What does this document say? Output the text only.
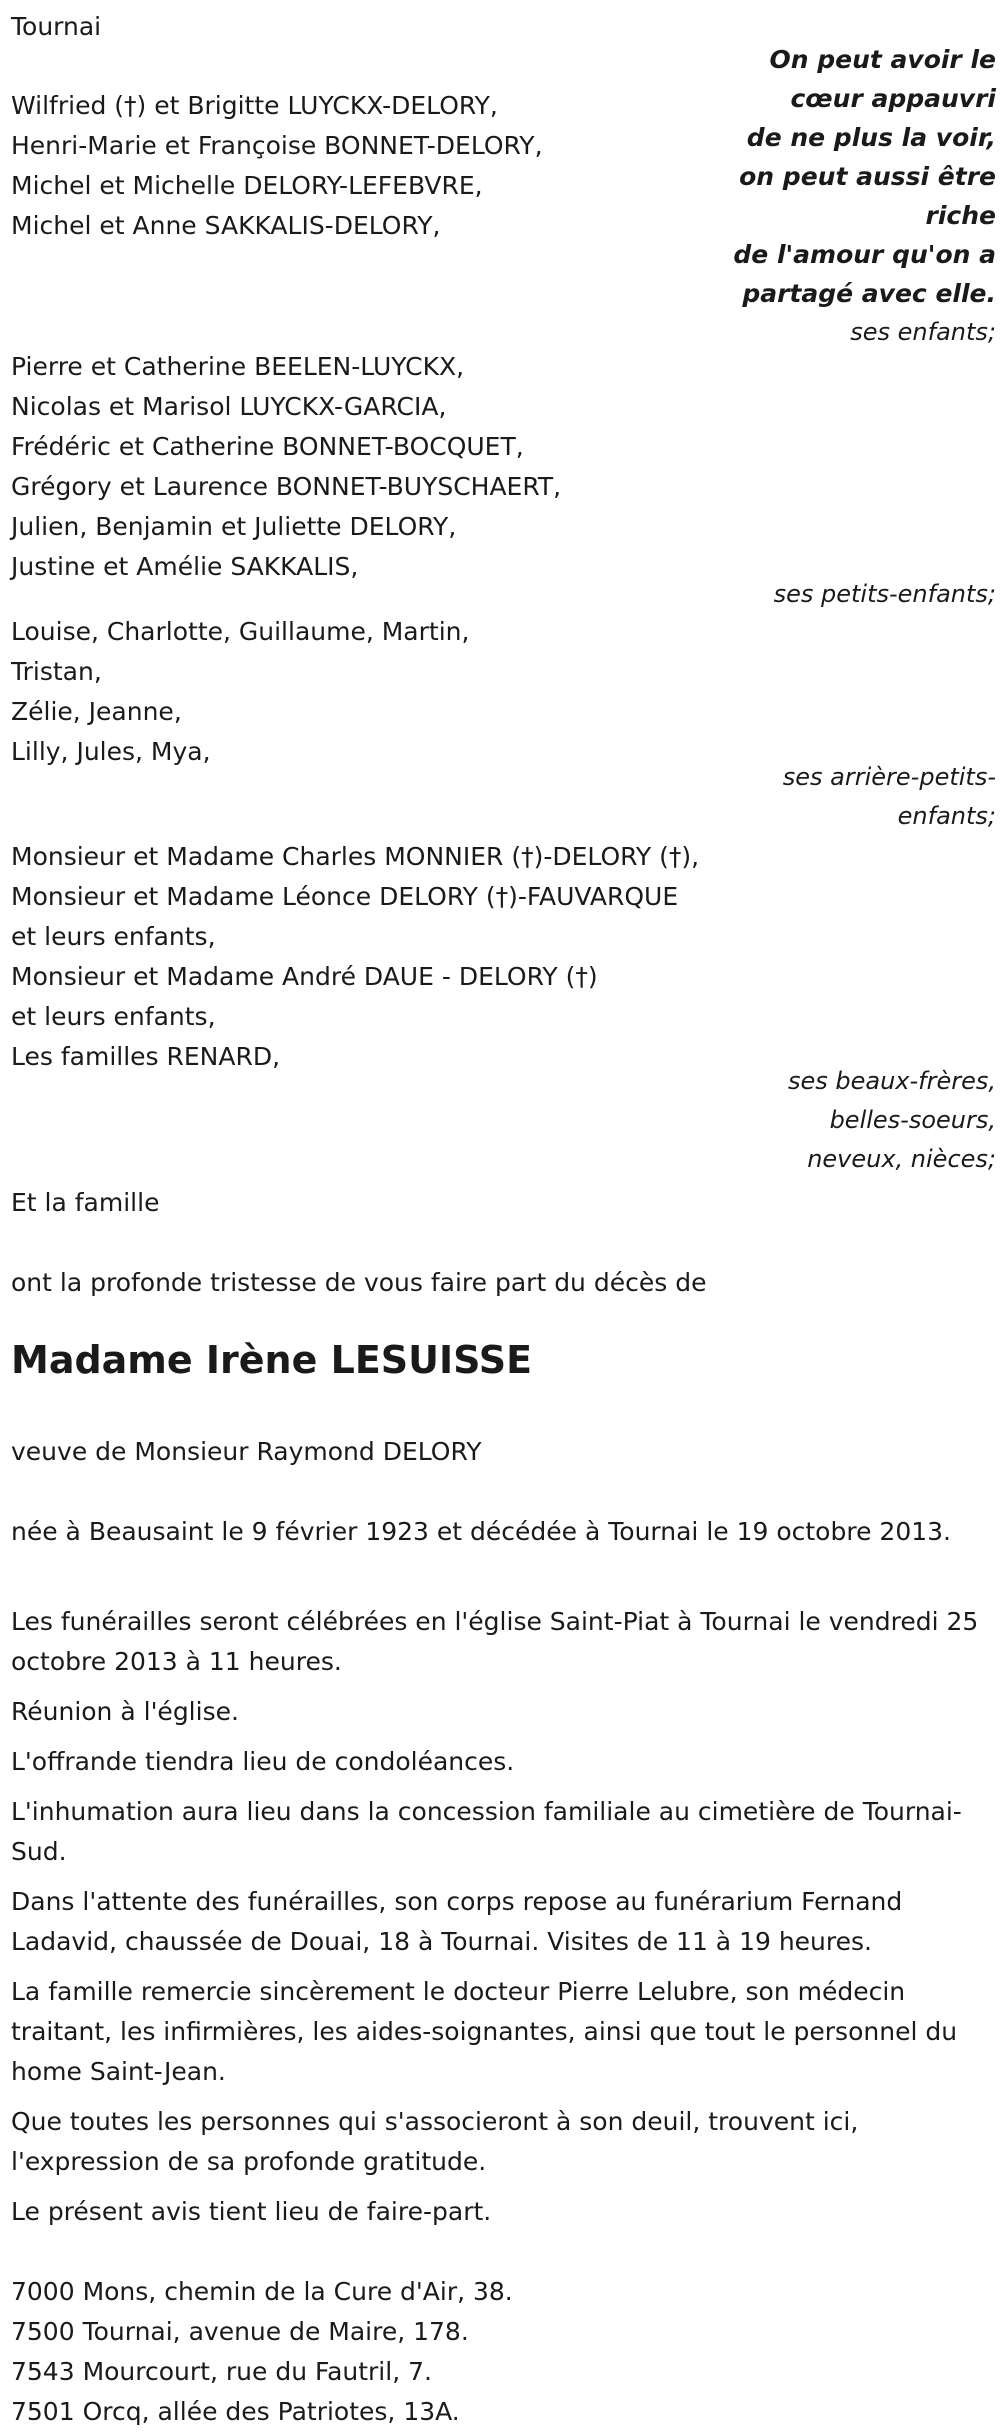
Tournai
On peut avoir le
cœur appauvri
de ne plus la voir,
on peut aussi être
riche
de l'amour qu'on a
partagé avec elle.
Wilfried (†) et Brigitte LUYCKX-DELORY,
Henri-Marie et Françoise BONNET-DELORY,
Michel et Michelle DELORY-LEFEBVRE,
Michel et Anne SAKKALIS-DELORY,
ses enfants;
Pierre et Catherine BEELEN-LUYCKX,
Nicolas et Marisol LUYCKX-GARCIA,
Frédéric et Catherine BONNET-BOCQUET,
Grégory et Laurence BONNET-BUYSCHAERT,
Julien, Benjamin et Juliette DELORY,
Justine et Amélie SAKKALIS,
ses petits-enfants;
Louise, Charlotte, Guillaume, Martin,
Tristan,
Zélie, Jeanne,
Lilly, Jules, Mya,
ses arrière-petits-
enfants;
Monsieur et Madame Charles MONNIER (†)-DELORY (†),
Monsieur et Madame Léonce DELORY (†)-FAUVARQUE
et leurs enfants,
Monsieur et Madame André DAUE - DELORY (†)
et leurs enfants,
Les familles RENARD,
ses beaux-frères,
belles-soeurs,
neveux, nièces;
Et la famille
ont la profonde tristesse de vous faire part du décès de
Madame Irène LESUISSE
veuve de Monsieur Raymond DELORY
née à Beausaint le 9 février 1923 et décédée à Tournai le 19 octobre 2013.
Les funérailles seront célébrées en l'église Saint-Piat à Tournai le vendredi 25 octobre 2013 à 11 heures.
Réunion à l'église.
L'offrande tiendra lieu de condoléances.
L'inhumation aura lieu dans la concession familiale au cimetière de Tournai-Sud.
Dans l'attente des funérailles, son corps repose au funérarium Fernand Ladavid, chaussée de Douai, 18 à Tournai. Visites de 11 à 19 heures.
La famille remercie sincèrement le docteur Pierre Lelubre, son médecin traitant, les infirmières, les aides-soignantes, ainsi que tout le personnel du home Saint-Jean.
Que toutes les personnes qui s'associeront à son deuil, trouvent ici, l'expression de sa profonde gratitude.
Le présent avis tient lieu de faire-part.
7000 Mons, chemin de la Cure d'Air, 38.
7500 Tournai, avenue de Maire, 178.
7543 Mourcourt, rue du Fautril, 7.
7501 Orcq, allée des Patriotes, 13A.
